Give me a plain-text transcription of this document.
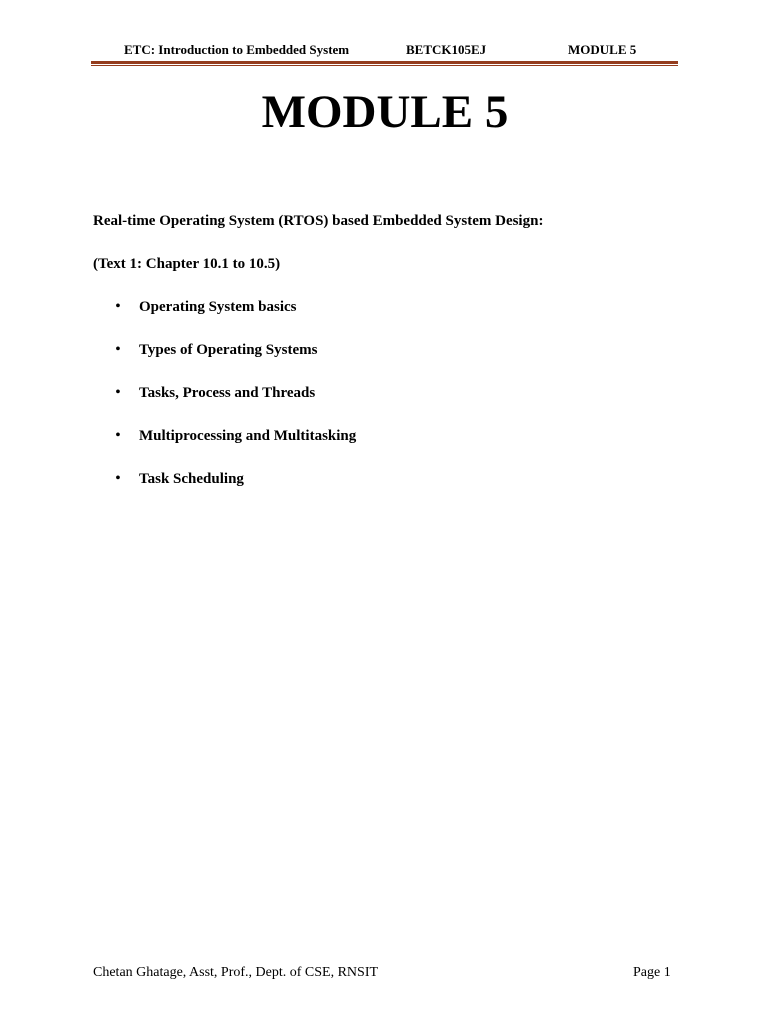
ETC: Introduction to Embedded System	BETCK105EJ	MODULE 5
MODULE 5
Real-time Operating System (RTOS) based Embedded System Design:
(Text 1: Chapter 10.1 to 10.5)
• Operating System basics
• Types of Operating Systems
• Tasks, Process and Threads
• Multiprocessing and Multitasking
• Task Scheduling
Chetan Ghatage, Asst, Prof., Dept. of CSE, RNSIT	Page 1
